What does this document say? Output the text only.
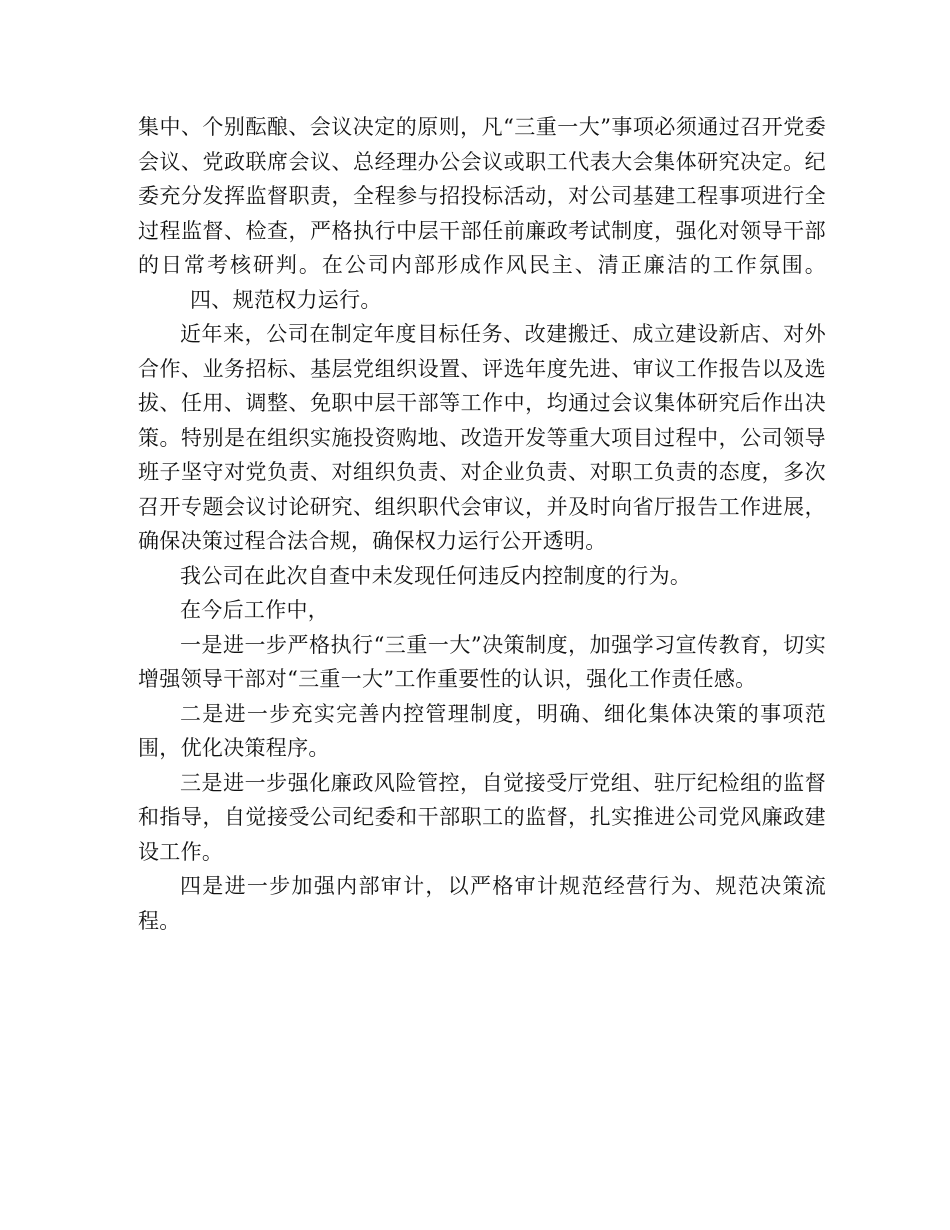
集中、个别酝酿、会议决定的原则，凡“三重一大”事项必须通过召开党委会议、党政联席会议、总经理办公会议或职工代表大会集体研究决定。纪委充分发挥监督职责，全程参与招投标活动，对公司基建工程事项进行全过程监督、检查，严格执行中层干部任前廉政考试制度，强化对领导干部的日常考核研判。在公司内部形成作风民主、清正廉洁的工作氛围。四、规范权力运行。

近年来，公司在制定年度目标任务、改建搬迁、成立建设新店、对外合作、业务招标、基层党组织设置、评选年度先进、审议工作报告以及选拔、任用、调整、免职中层干部等工作中，均通过会议集体研究后作出决策。特别是在组织实施投资购地、改造开发等重大项目过程中，公司领导班子坚守对党负责、对组织负责、对企业负责、对职工负责的态度，多次召开专题会议讨论研究、组织职代会审议，并及时向省厅报告工作进展，确保决策过程合法合规，确保权力运行公开透明。

我公司在此次自查中未发现任何违反内控制度的行为。

在今后工作中，

一是进一步严格执行“三重一大”决策制度，加强学习宣传教育，切实增强领导干部对“三重一大”工作重要性的认识，强化工作责任感。

二是进一步充实完善内控管理制度，明确、细化集体决策的事项范围，优化决策程序。

三是进一步强化廉政风险管控，自觉接受厅党组、驻厅纪检组的监督和指导，自觉接受公司纪委和干部职工的监督，扎实推进公司党风廉政建设工作。

四是进一步加强内部审计，以严格审计规范经营行为、规范决策流程。
